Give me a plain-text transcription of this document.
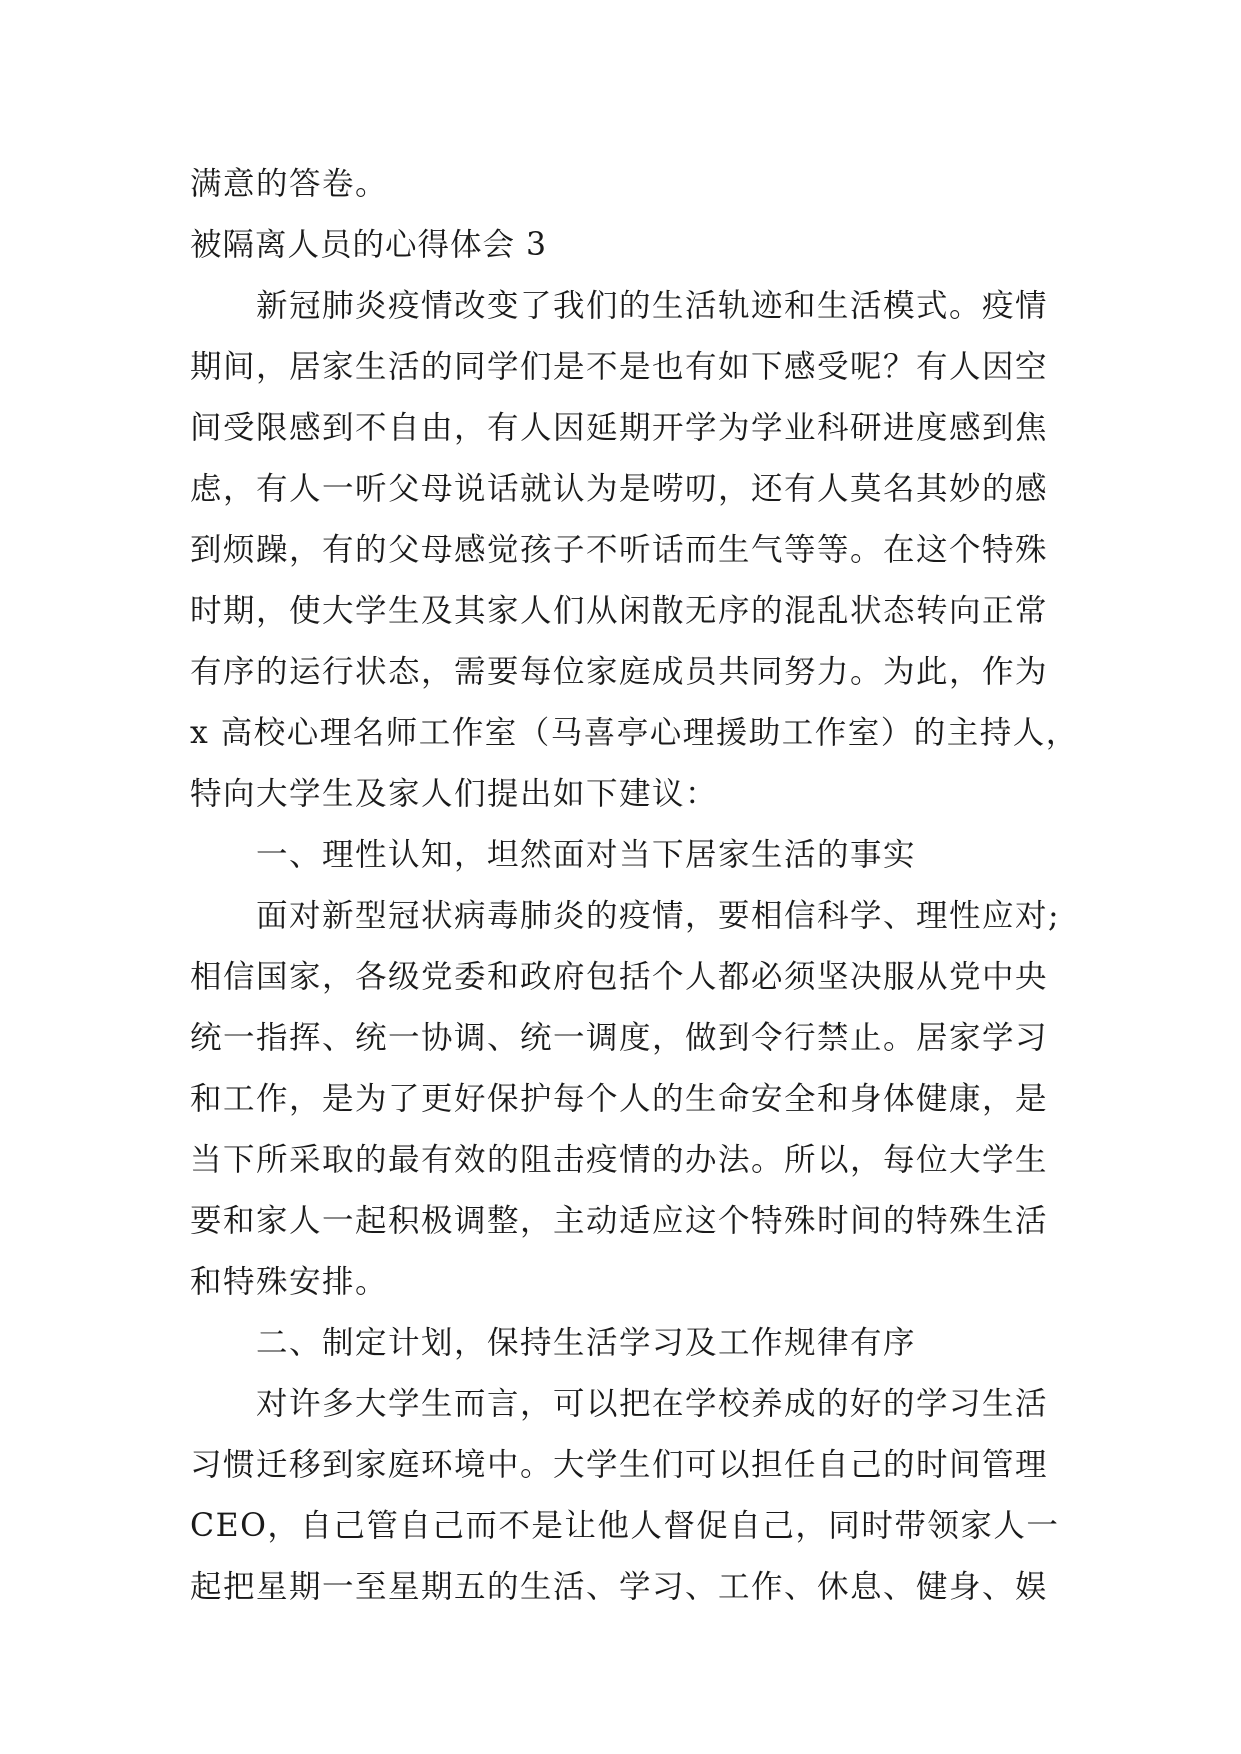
满意的答卷。
被隔离人员的心得体会 3
新冠肺炎疫情改变了我们的生活轨迹和生活模式。疫情
期间，居家生活的同学们是不是也有如下感受呢？有人因空
间受限感到不自由，有人因延期开学为学业科研进度感到焦
虑，有人一听父母说话就认为是唠叨，还有人莫名其妙的感
到烦躁，有的父母感觉孩子不听话而生气等等。在这个特殊
时期，使大学生及其家人们从闲散无序的混乱状态转向正常
有序的运行状态，需要每位家庭成员共同努力。为此，作为
x 高校心理名师工作室（马喜亭心理援助工作室）的主持人，
特向大学生及家人们提出如下建议：
一、理性认知，坦然面对当下居家生活的事实
面对新型冠状病毒肺炎的疫情，要相信科学、理性应对;
相信国家，各级党委和政府包括个人都必须坚决服从党中央
统一指挥、统一协调、统一调度，做到令行禁止。居家学习
和工作，是为了更好保护每个人的生命安全和身体健康，是
当下所采取的最有效的阻击疫情的办法。所以，每位大学生
要和家人一起积极调整，主动适应这个特殊时间的特殊生活
和特殊安排。
二、制定计划，保持生活学习及工作规律有序
对许多大学生而言，可以把在学校养成的好的学习生活
习惯迁移到家庭环境中。大学生们可以担任自己的时间管理
CEO，自己管自己而不是让他人督促自己，同时带领家人一
起把星期一至星期五的生活、学习、工作、休息、健身、娱
